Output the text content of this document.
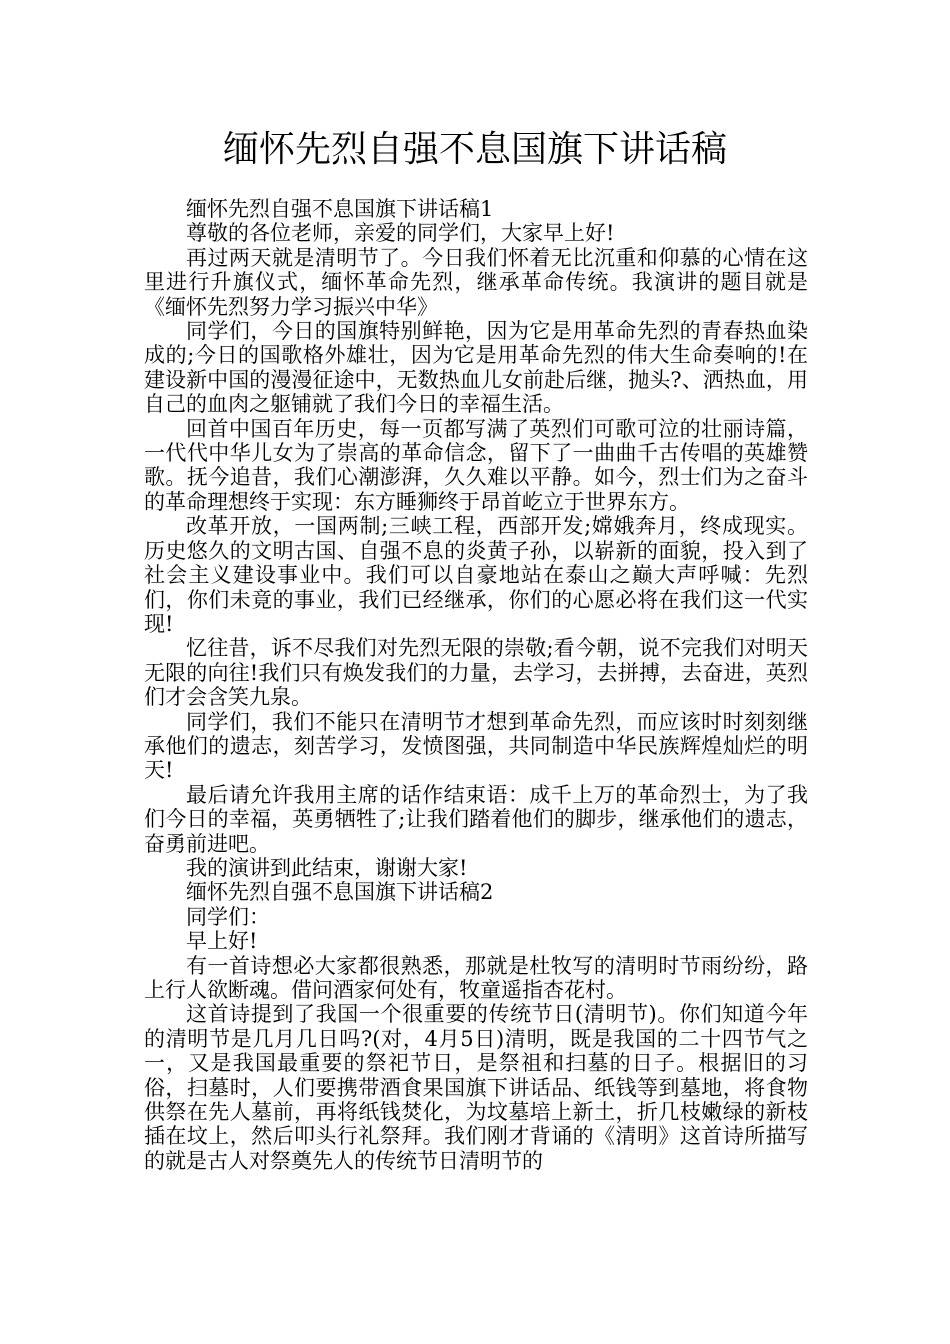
缅怀先烈自强不息国旗下讲话稿

缅怀先烈自强不息国旗下讲话稿1

尊敬的各位老师，亲爱的同学们，大家早上好!

再过两天就是清明节了。今日我们怀着无比沉重和仰慕的心情在这里进行升旗仪式，缅怀革命先烈，继承革命传统。我演讲的题目就是《缅怀先烈努力学习振兴中华》

同学们，今日的国旗特别鲜艳，因为它是用革命先烈的青春热血染成的;今日的国歌格外雄壮，因为它是用革命先烈的伟大生命奏响的!在建设新中国的漫漫征途中，无数热血儿女前赴后继，抛头?、洒热血，用自己的血肉之躯铺就了我们今日的幸福生活。

回首中国百年历史，每一页都写满了英烈们可歌可泣的壮丽诗篇，一代代中华儿女为了崇高的革命信念，留下了一曲曲千古传唱的英雄赞歌。抚今追昔，我们心潮澎湃，久久难以平静。如今，烈士们为之奋斗的革命理想终于实现：东方睡狮终于昂首屹立于世界东方。

改革开放，一国两制;三峡工程，西部开发;嫦娥奔月，终成现实。历史悠久的文明古国、自强不息的炎黄子孙，以崭新的面貌，投入到了社会主义建设事业中。我们可以自豪地站在泰山之巅大声呼喊：先烈们，你们未竟的事业，我们已经继承，你们的心愿必将在我们这一代实现!

忆往昔，诉不尽我们对先烈无限的崇敬;看今朝，说不完我们对明天无限的向往!我们只有焕发我们的力量，去学习，去拼搏，去奋进，英烈们才会含笑九泉。

同学们，我们不能只在清明节才想到革命先烈，而应该时时刻刻继承他们的遗志，刻苦学习，发愤图强，共同制造中华民族辉煌灿烂的明天!

最后请允许我用主席的话作结束语：成千上万的革命烈士，为了我们今日的幸福，英勇牺牲了;让我们踏着他们的脚步，继承他们的遗志，奋勇前进吧。

我的演讲到此结束，谢谢大家!

缅怀先烈自强不息国旗下讲话稿2

同学们：

早上好!

有一首诗想必大家都很熟悉，那就是杜牧写的清明时节雨纷纷，路上行人欲断魂。借问酒家何处有，牧童遥指杏花村。

这首诗提到了我国一个很重要的传统节日(清明节)。你们知道今年的清明节是几月几日吗?(对，4月5日)清明，既是我国的二十四节气之一，又是我国最重要的祭祀节日，是祭祖和扫墓的日子。根据旧的习俗，扫墓时，人们要携带酒食果国旗下讲话品、纸钱等到墓地，将食物供祭在先人墓前，再将纸钱焚化，为坟墓培上新土，折几枝嫩绿的新枝插在坟上，然后叩头行礼祭拜。我们刚才背诵的《清明》这首诗所描写的就是古人对祭奠先人的传统节日清明节的
